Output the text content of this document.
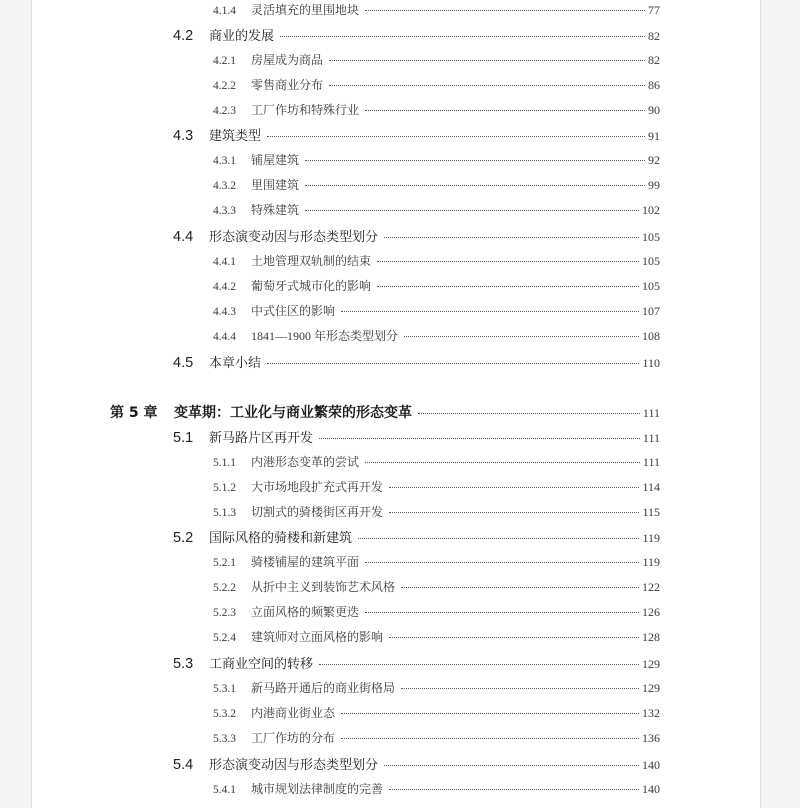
4.1.4	灵活填充的里围地块	77
4.2	商业的发展	82
4.2.1	房屋成为商品	82
4.2.2	零售商业分布	86
4.2.3	工厂作坊和特殊行业	90
4.3	建筑类型	91
4.3.1	铺屋建筑	92
4.3.2	里围建筑	99
4.3.3	特殊建筑	102
4.4	形态演变动因与形态类型划分	105
4.4.1	土地管理双轨制的结束	105
4.4.2	葡萄牙式城市化的影响	105
4.4.3	中式住区的影响	107
4.4.4	1841—1900 年形态类型划分	108
4.5	本章小结	110
第 5 章	变革期：工业化与商业繁荣的形态变革	111
5.1	新马路片区再开发	111
5.1.1	内港形态变革的尝试	111
5.1.2	大市场地段扩充式再开发	114
5.1.3	切割式的骑楼街区再开发	115
5.2	国际风格的骑楼和新建筑	119
5.2.1	骑楼铺屋的建筑平面	119
5.2.2	从折中主义到装饰艺术风格	122
5.2.3	立面风格的频繁更迭	126
5.2.4	建筑师对立面风格的影响	128
5.3	工商业空间的转移	129
5.3.1	新马路开通后的商业街格局	129
5.3.2	内港商业街业态	132
5.3.3	工厂作坊的分布	136
5.4	形态演变动因与形态类型划分	140
5.4.1	城市规划法律制度的完善	140
